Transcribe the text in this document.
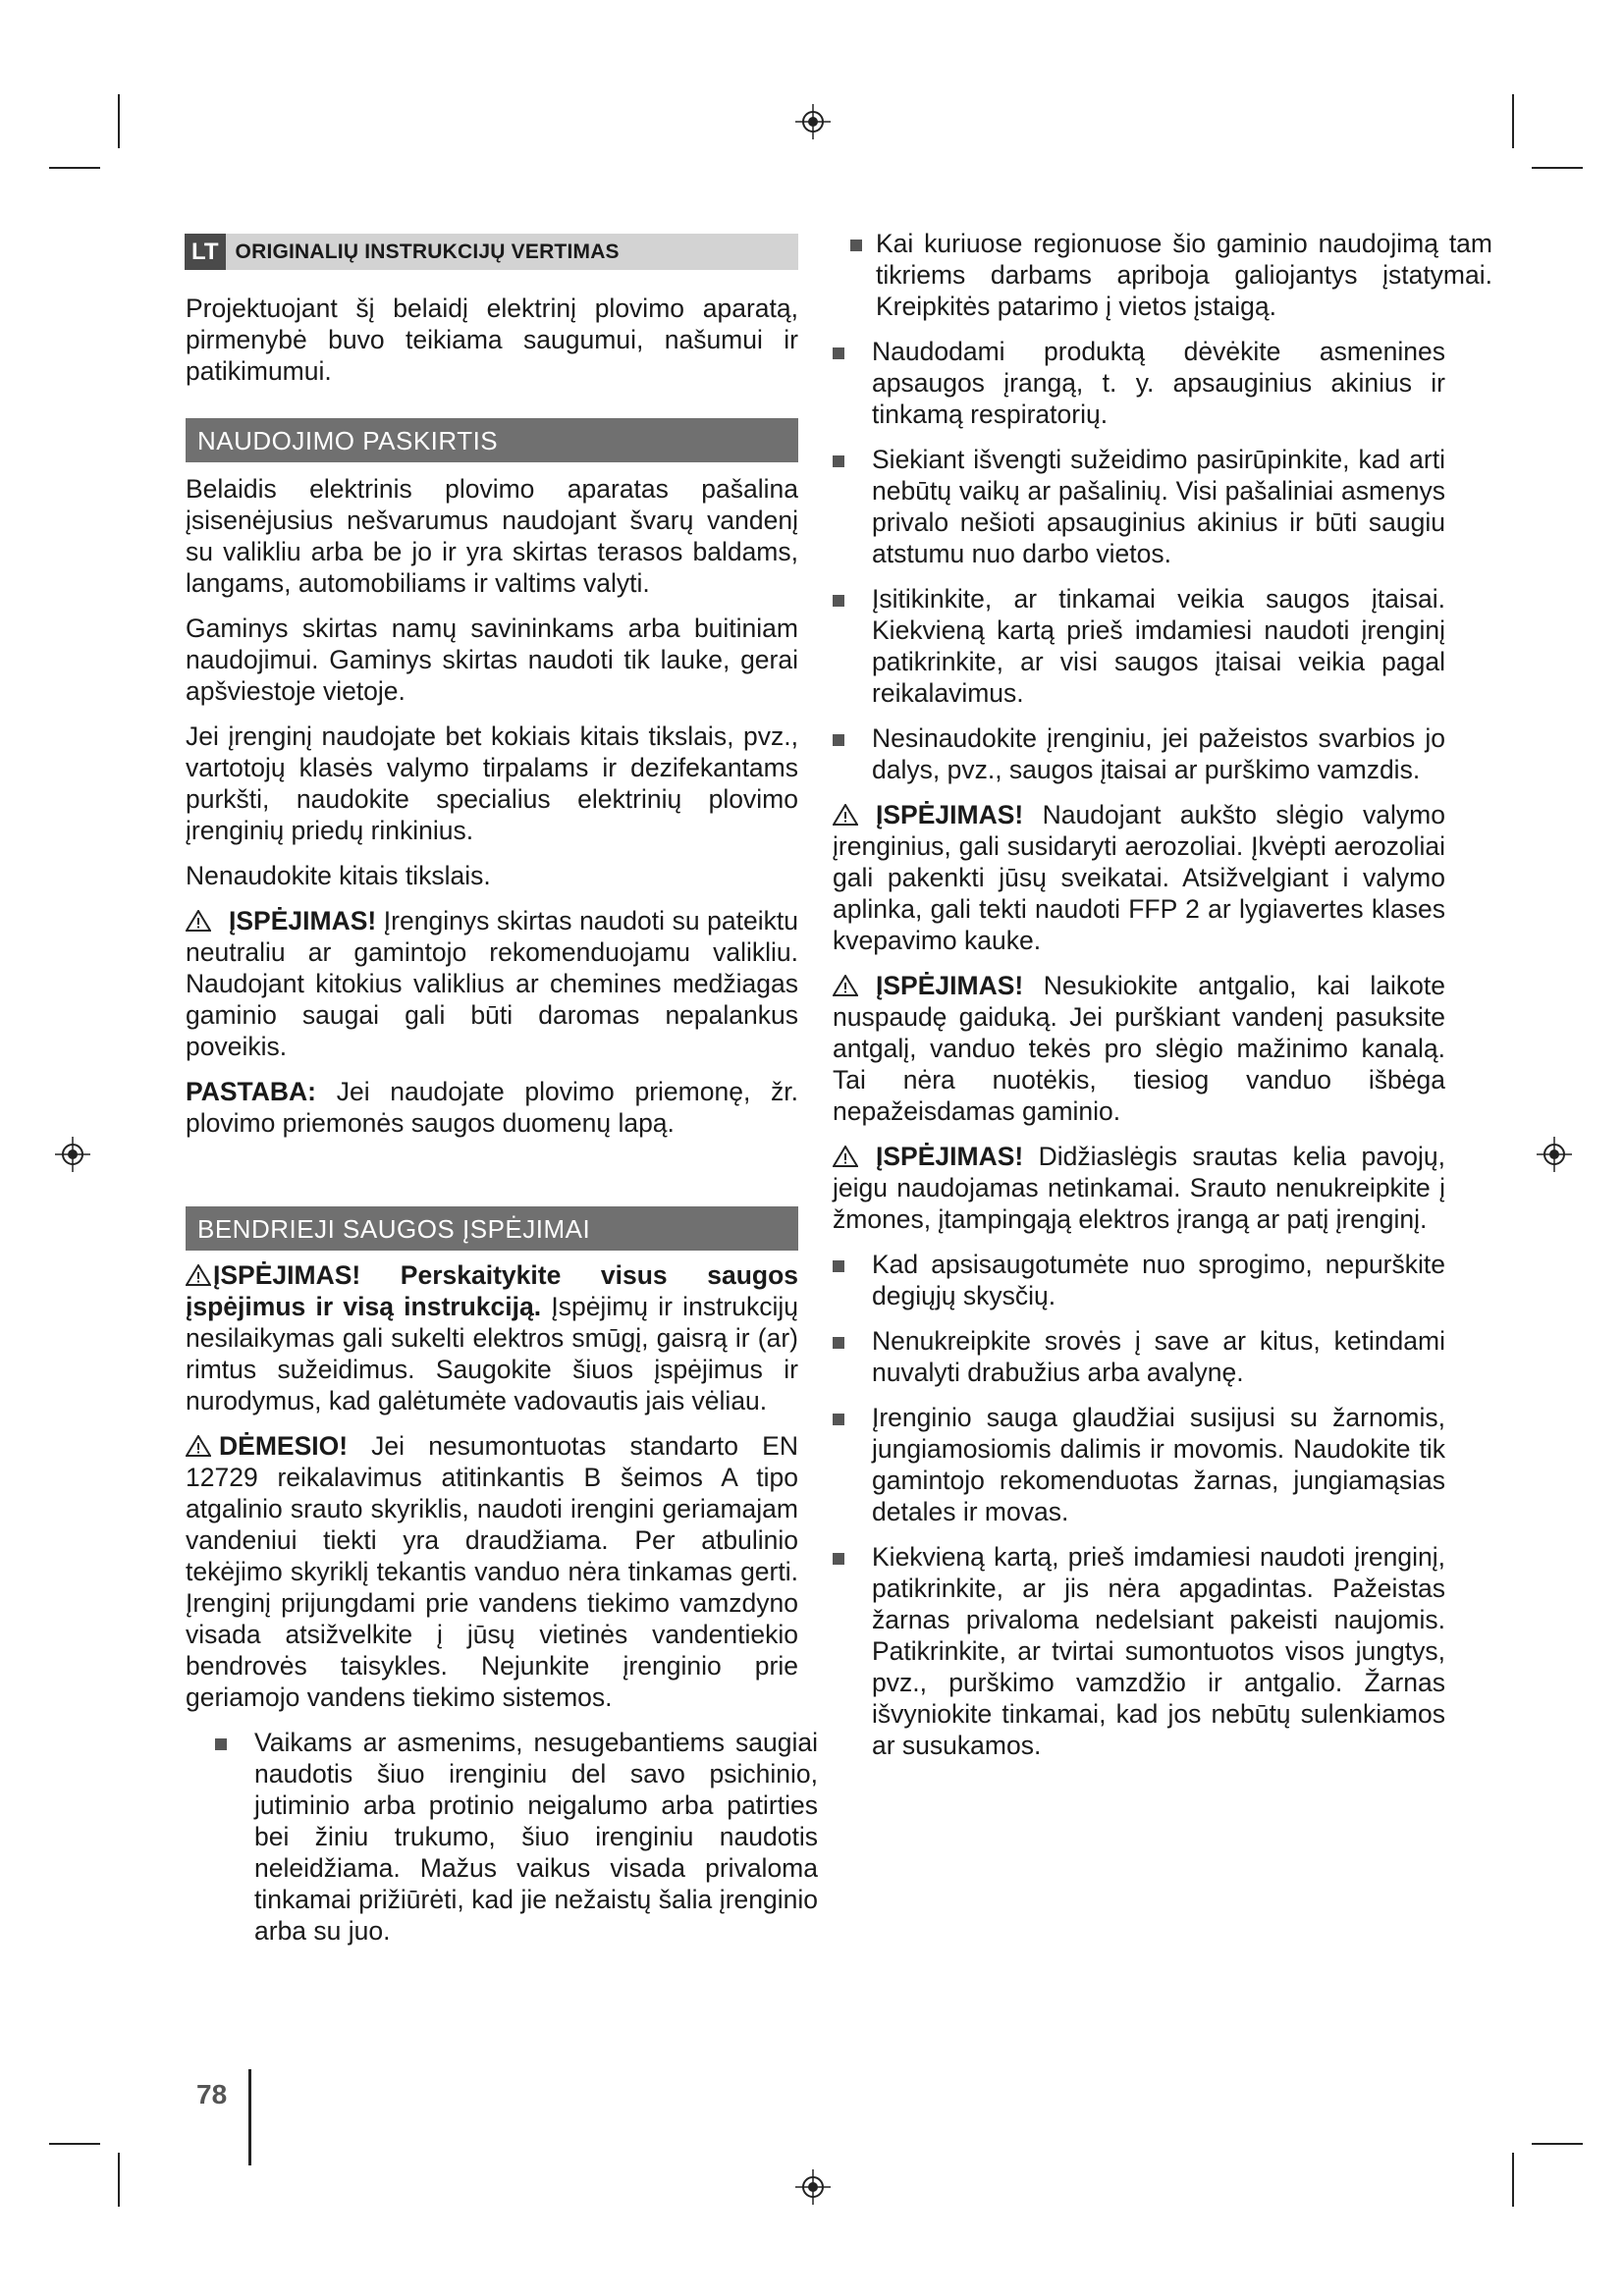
LT ORIGINALIŲ INSTRUKCIJŲ VERTIMAS

Projektuojant šį belaidį elektrinį plovimo aparatą, pirmenybė buvo teikiama saugumui, našumui ir patikimumui.

NAUDOJIMO PASKIRTIS

Belaidis elektrinis plovimo aparatas pašalina įsisenėjusius nešvarumus naudojant švarų vandenį su valikliu arba be jo ir yra skirtas terasos baldams, langams, automobiliams ir valtims valyti.

Gaminys skirtas namų savininkams arba buitiniam naudojimui. Gaminys skirtas naudoti tik lauke, gerai apšviestoje vietoje.

Jei įrenginį naudojate bet kokiais kitais tikslais, pvz., vartotojų klasės valymo tirpalams ir dezifekantams purkšti, naudokite specialius elektrinių plovimo įrenginių priedų rinkinius.

Nenaudokite kitais tikslais.

ĮSPĖJIMAS! Įrenginys skirtas naudoti su pateiktu neutraliu ar gamintojo rekomenduojamu valikliu. Naudojant kitokius valiklius ar chemines medžiagas gaminio saugai gali būti daromas nepalankus poveikis.

PASTABA: Jei naudojate plovimo priemonę, žr. plovimo priemonės saugos duomenų lapą.

BENDRIEJI SAUGOS ĮSPĖJIMAI

ĮSPĖJIMAS! Perskaitykite visus saugos įspėjimus ir visą instrukciją. Įspėjimų ir instrukcijų nesilaikymas gali sukelti elektros smūgį, gaisrą ir (ar) rimtus sužeidimus. Saugokite šiuos įspėjimus ir nurodymus, kad galėtumėte vadovautis jais vėliau.

DĖMESIO! Jei nesumontuotas standarto EN 12729 reikalavimus atitinkantis B šeimos A tipo atgalinio srauto skyriklis, naudoti irengini geriamajam vandeniui tiekti yra draudžiama. Per atbulinio tekėjimo skyriklį tekantis vanduo nėra tinkamas gerti. Įrenginį prijungdami prie vandens tiekimo vamzdyno visada atsižvelkite į jūsų vietinės vandentiekio bendrovės taisykles. Nejunkite įrenginio prie geriamojo vandens tiekimo sistemos.

Vaikams ar asmenims, nesugebantiems saugiai naudotis šiuo irenginiu del savo psichinio, jutiminio arba protinio neigalumo arba patirties bei žiniu trukumo, šiuo irenginiu naudotis neleidžiama. Mažus vaikus visada privaloma tinkamai prižiūrėti, kad jie nežaistų šalia įrenginio arba su juo.

Kai kuriuose regionuose šio gaminio naudojimą tam tikriems darbams apriboja galiojantys įstatymai. Kreipkitės patarimo į vietos įstaigą.

Naudodami produktą dėvėkite asmenines apsaugos įrangą, t. y. apsauginius akinius ir tinkamą respiratorių.

Siekiant išvengti sužeidimo pasirūpinkite, kad arti nebūtų vaikų ar pašalinių. Visi pašaliniai asmenys privalo nešioti apsauginius akinius ir būti saugiu atstumu nuo darbo vietos.

Įsitikinkite, ar tinkamai veikia saugos įtaisai. Kiekvieną kartą prieš imdamiesi naudoti įrenginį patikrinkite, ar visi saugos įtaisai veikia pagal reikalavimus.

Nesinaudokite įrenginiu, jei pažeistos svarbios jo dalys, pvz., saugos įtaisai ar purškimo vamzdis.

ĮSPĖJIMAS! Naudojant aukšto slėgio valymo įrenginius, gali susidaryti aerozoliai. Įkvėpti aerozoliai gali pakenkti jūsų sveikatai. Atsižvelgiant i valymo aplinka, gali tekti naudoti FFP 2 ar lygiavertes klases kvepavimo kauke.

ĮSPĖJIMAS! Nesukiokite antgalio, kai laikote nuspaudę gaiduką. Jei purškiant vandenį pasuksite antgalį, vanduo tekės pro slėgio mažinimo kanalą. Tai nėra nuotėkis, tiesiog vanduo išbėga nepažeisdamas gaminio.

ĮSPĖJIMAS! Didžiaslėgis srautas kelia pavojų, jeigu naudojamas netinkamai. Srauto nenukreipkite į žmones, įtampingąją elektros įrangą ar patį įrenginį.

Kad apsisaugotumėte nuo sprogimo, nepurškite degiųjų skysčių.

Nenukreipkite srovės į save ar kitus, ketindami nuvalyti drabužius arba avalynę.

Įrenginio sauga glaudžiai susijusi su žarnomis, jungiamosiomis dalimis ir movomis. Naudokite tik gamintojo rekomenduotas žarnas, jungiamąsias detales ir movas.

Kiekvieną kartą, prieš imdamiesi naudoti įrenginį, patikrinkite, ar jis nėra apgadintas. Pažeistas žarnas privaloma nedelsiant pakeisti naujomis. Patikrinkite, ar tvirtai sumontuotos visos jungtys, pvz., purškimo vamzdžio ir antgalio. Žarnas išvyniokite tinkamai, kad jos nebūtų sulenkiamos ar susukamos.

78
